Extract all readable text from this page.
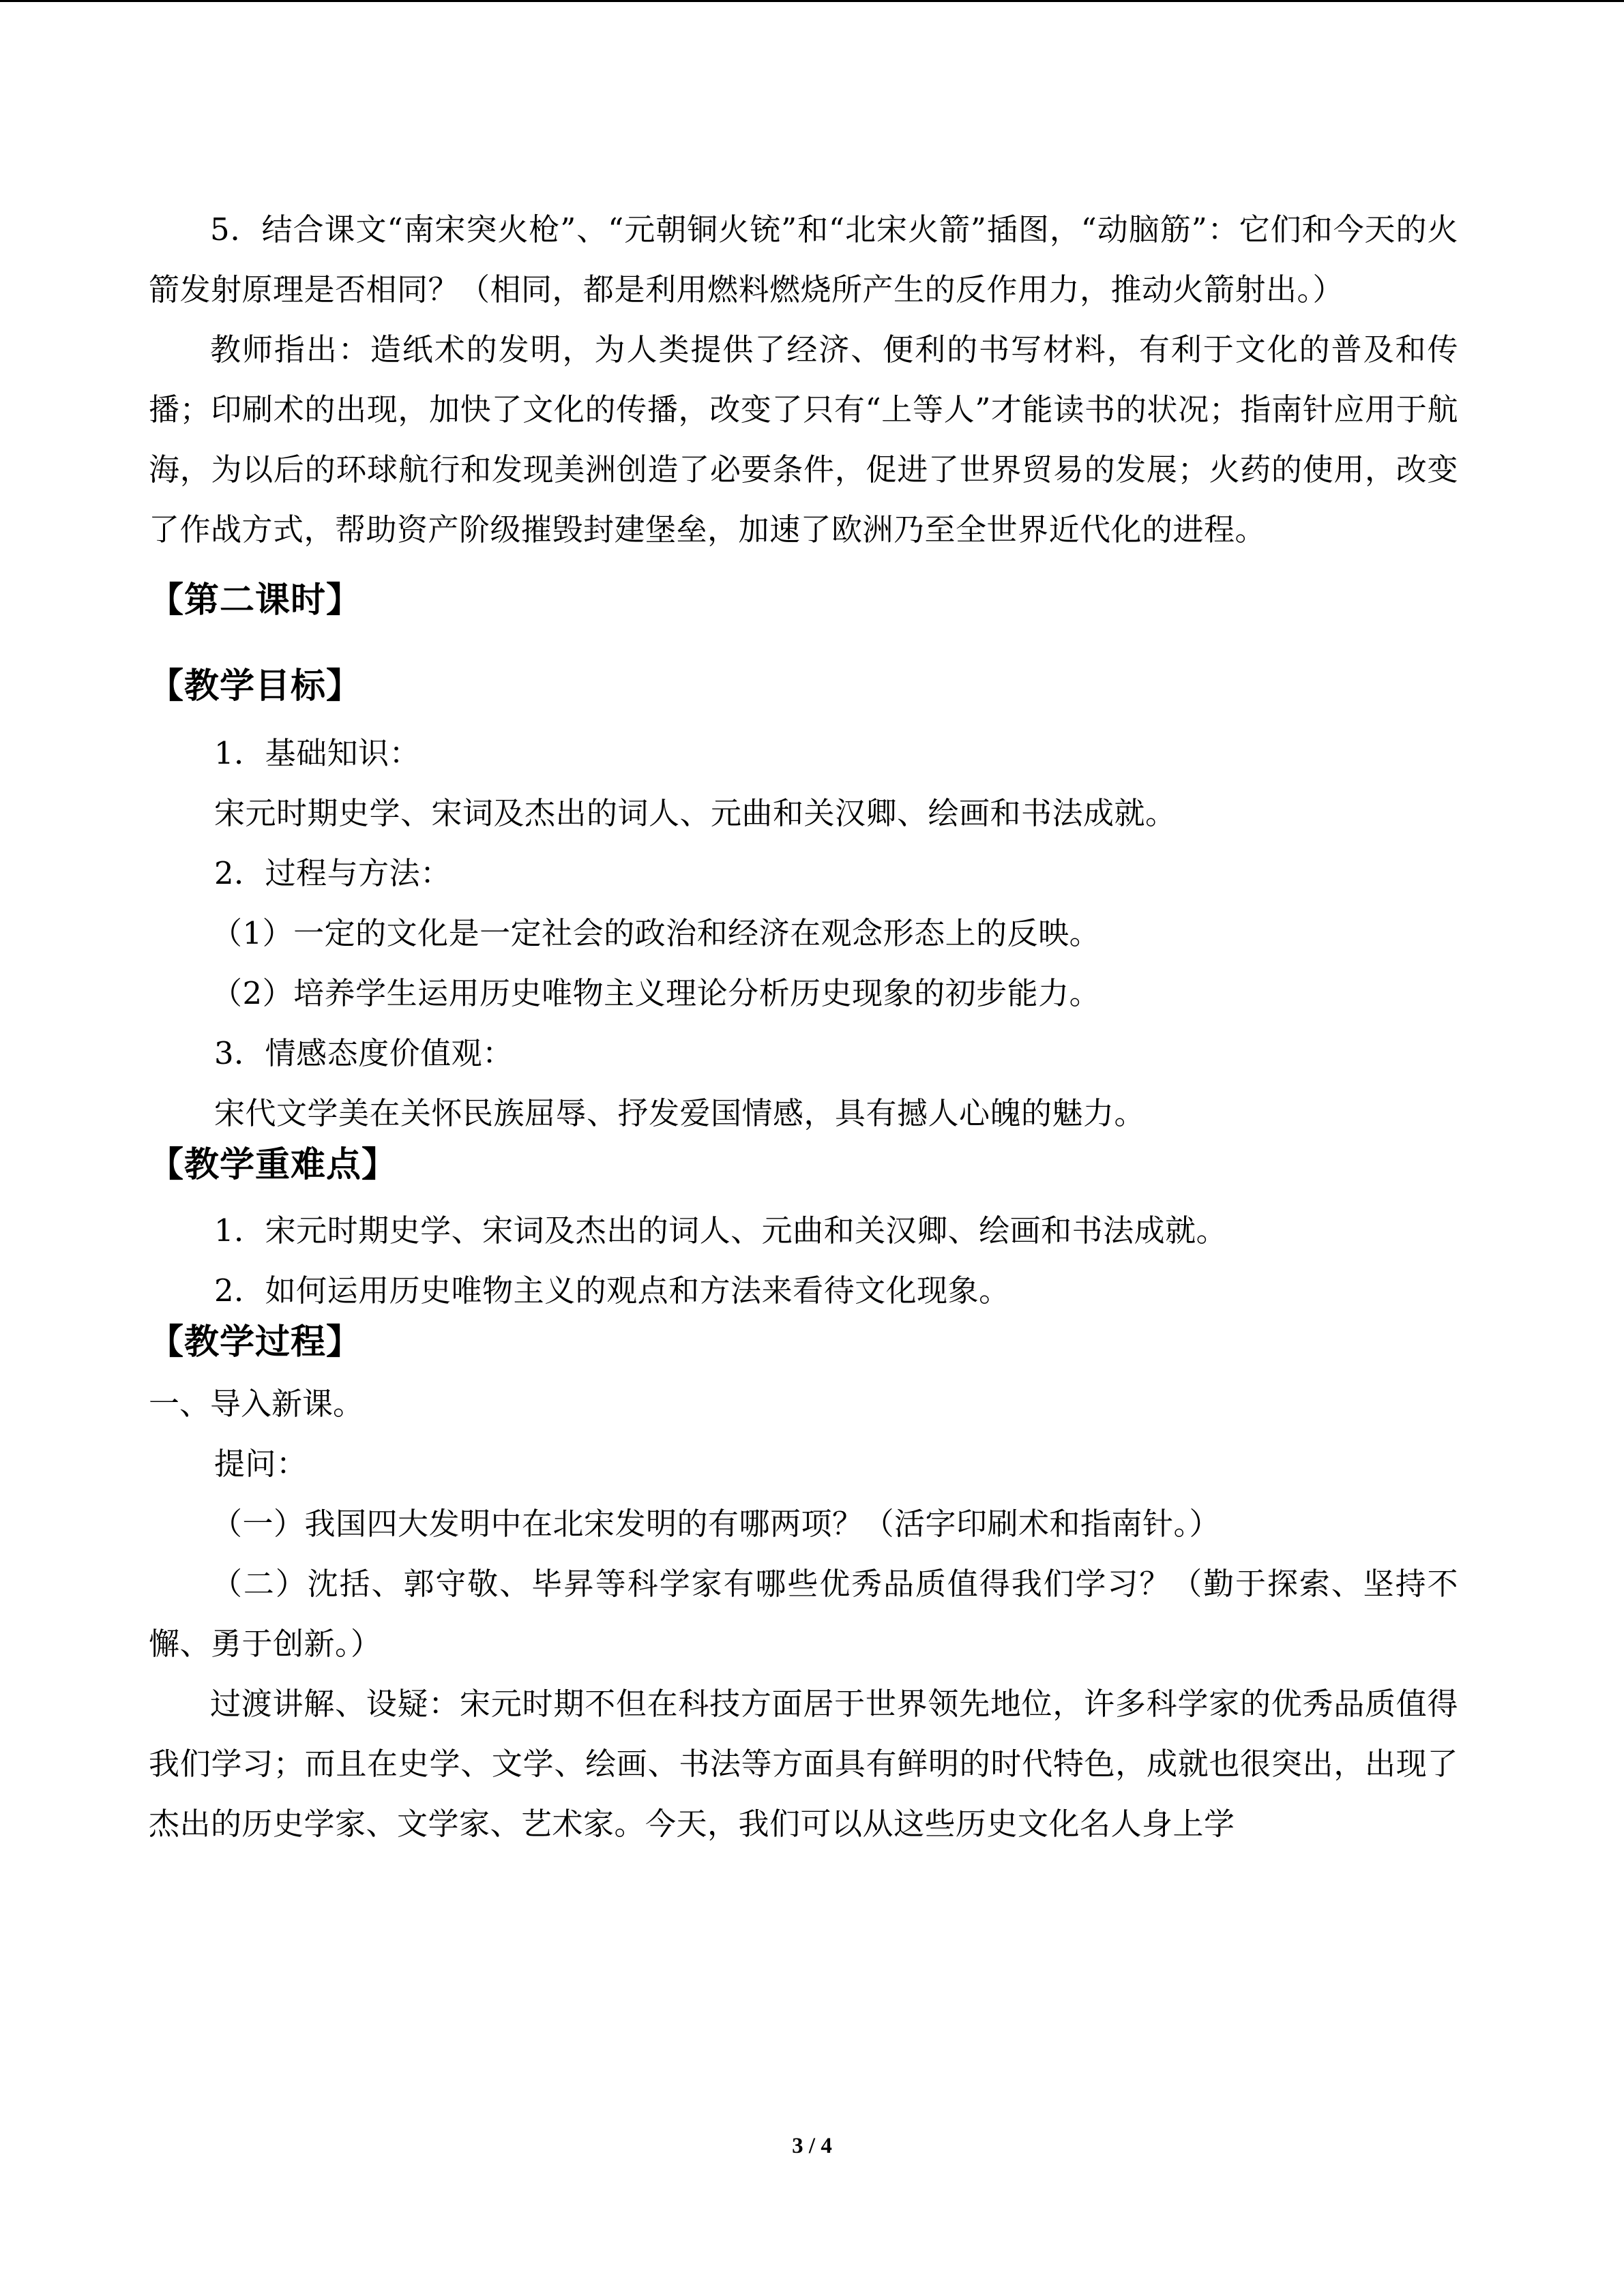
5．结合课文“南宋突火枪”、“元朝铜火铳”和“北宋火箭”插图，“动脑筋”：它们和今天的火箭发射原理是否相同？（相同，都是利用燃料燃烧所产生的反作用力，推动火箭射出。）

教师指出：造纸术的发明，为人类提供了经济、便利的书写材料，有利于文化的普及和传播；印刷术的出现，加快了文化的传播，改变了只有“上等人”才能读书的状况；指南针应用于航海，为以后的环球航行和发现美洲创造了必要条件，促进了世界贸易的发展；火药的使用，改变了作战方式，帮助资产阶级摧毁封建堡垒，加速了欧洲乃至全世界近代化的进程。

【第二课时】
【教学目标】

1．基础知识：

宋元时期史学、宋词及杰出的词人、元曲和关汉卿、绘画和书法成就。

2．过程与方法：

（1）一定的文化是一定社会的政治和经济在观念形态上的反映。

（2）培养学生运用历史唯物主义理论分析历史现象的初步能力。

3．情感态度价值观：

宋代文学美在关怀民族屈辱、抒发爱国情感，具有撼人心魄的魅力。

【教学重难点】

1．宋元时期史学、宋词及杰出的词人、元曲和关汉卿、绘画和书法成就。

2．如何运用历史唯物主义的观点和方法来看待文化现象。

【教学过程】

一、导入新课。

提问：

（一）我国四大发明中在北宋发明的有哪两项？（活字印刷术和指南针。）

（二）沈括、郭守敬、毕昇等科学家有哪些优秀品质值得我们学习？（勤于探索、坚持不懈、勇于创新。）

过渡讲解、设疑：宋元时期不但在科技方面居于世界领先地位，许多科学家的优秀品质值得我们学习；而且在史学、文学、绘画、书法等方面具有鲜明的时代特色，成就也很突出，出现了杰出的历史学家、文学家、艺术家。今天，我们可以从这些历史文化名人身上学

3 / 4
